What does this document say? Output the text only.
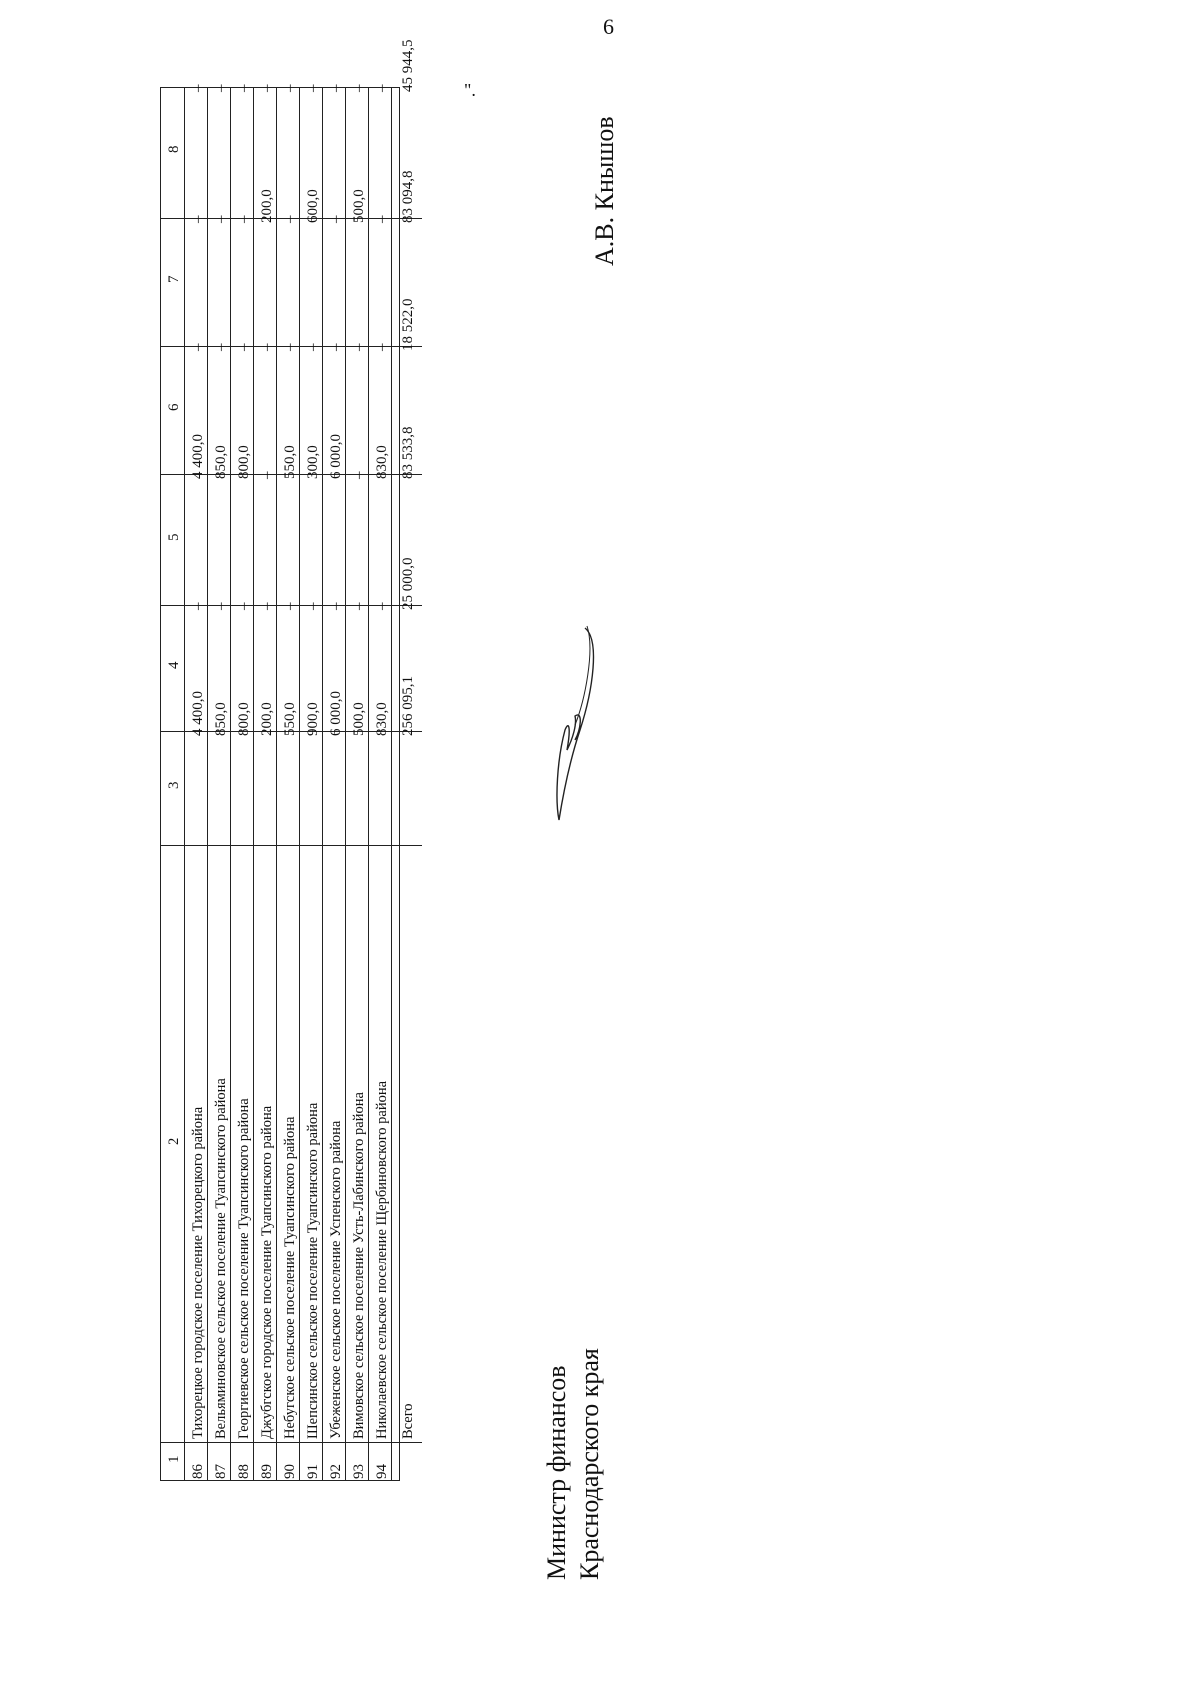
6
8
7
6
5
4
3
2
1
–
–
–
4 400,0
–
4 400,0
Тихорецкое городское поселение Тихорецкого района
86
–
–
–
850,0
–
850,0
Вельяминовское сельское поселение Туапсинского района
87
–
–
–
800,0
–
800,0
Георгиевское сельское поселение Туапсинского района
88
–
200,0
–
–
–
200,0
Джубгское городское поселение Туапсинского района
89
–
–
–
550,0
–
550,0
Небугское сельское поселение Туапсинского района
90
–
600,0
–
300,0
–
900,0
Шепсинское сельское поселение Туапсинского района
91
–
–
–
6 000,0
–
6 000,0
Убеженское сельское поселение Успенского района
92
–
500,0
–
–
–
500,0
Вимовское сельское поселение Усть-Лабинского района
93
–
–
–
830,0
–
830,0
Николаевское сельское поселение Щербиновского района
94
45 944,5
83 094,8
18 522,0
83 533,8
25 000,0
256 095,1
Всего
".
Министр финансов Краснодарского края
А.В. Кнышов
